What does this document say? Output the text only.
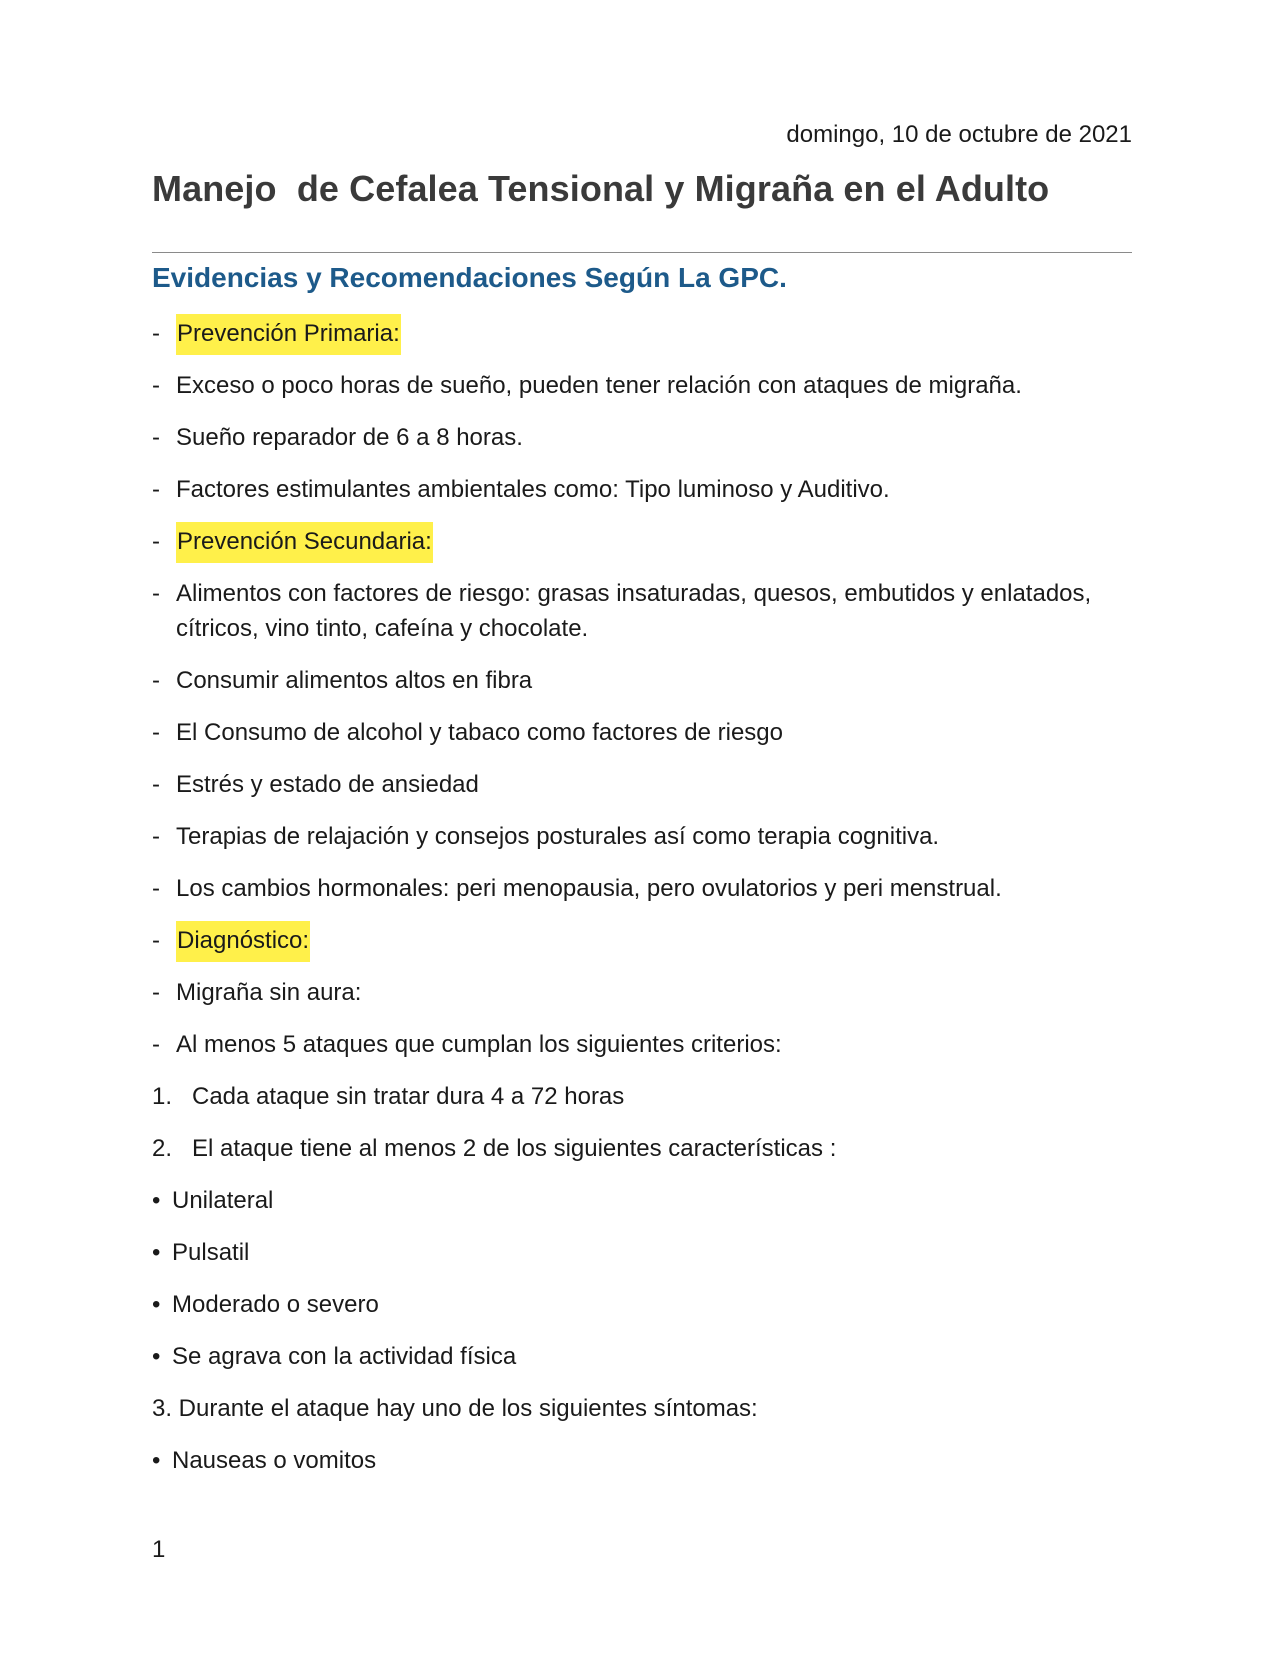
domingo, 10 de octubre de 2021
Manejo  de Cefalea Tensional y Migraña en el Adulto
Evidencias y Recomendaciones Según La GPC.
- Prevención Primaria:
- Exceso o poco horas de sueño, pueden tener relación con ataques de migraña.
- Sueño reparador de 6 a 8 horas.
- Factores estimulantes ambientales como: Tipo luminoso y Auditivo.
- Prevención Secundaria:
- Alimentos con factores de riesgo: grasas insaturadas, quesos, embutidos y enlatados, cítricos, vino tinto, cafeína y chocolate.
- Consumir alimentos altos en fibra
- El Consumo de alcohol y tabaco como factores de riesgo
- Estrés y estado de ansiedad
- Terapias de relajación y consejos posturales así como terapia cognitiva.
- Los cambios hormonales: peri menopausia, pero ovulatorios y peri menstrual.
- Diagnóstico:
- Migraña sin aura:
- Al menos 5 ataques que cumplan los siguientes criterios:
1. Cada ataque sin tratar dura 4 a 72 horas
2. El ataque tiene al menos 2 de los siguientes características :
• Unilateral
• Pulsatil
• Moderado o severo
• Se agrava con la actividad física
3. Durante el ataque hay uno de los siguientes síntomas:
• Nauseas o vomitos
1
